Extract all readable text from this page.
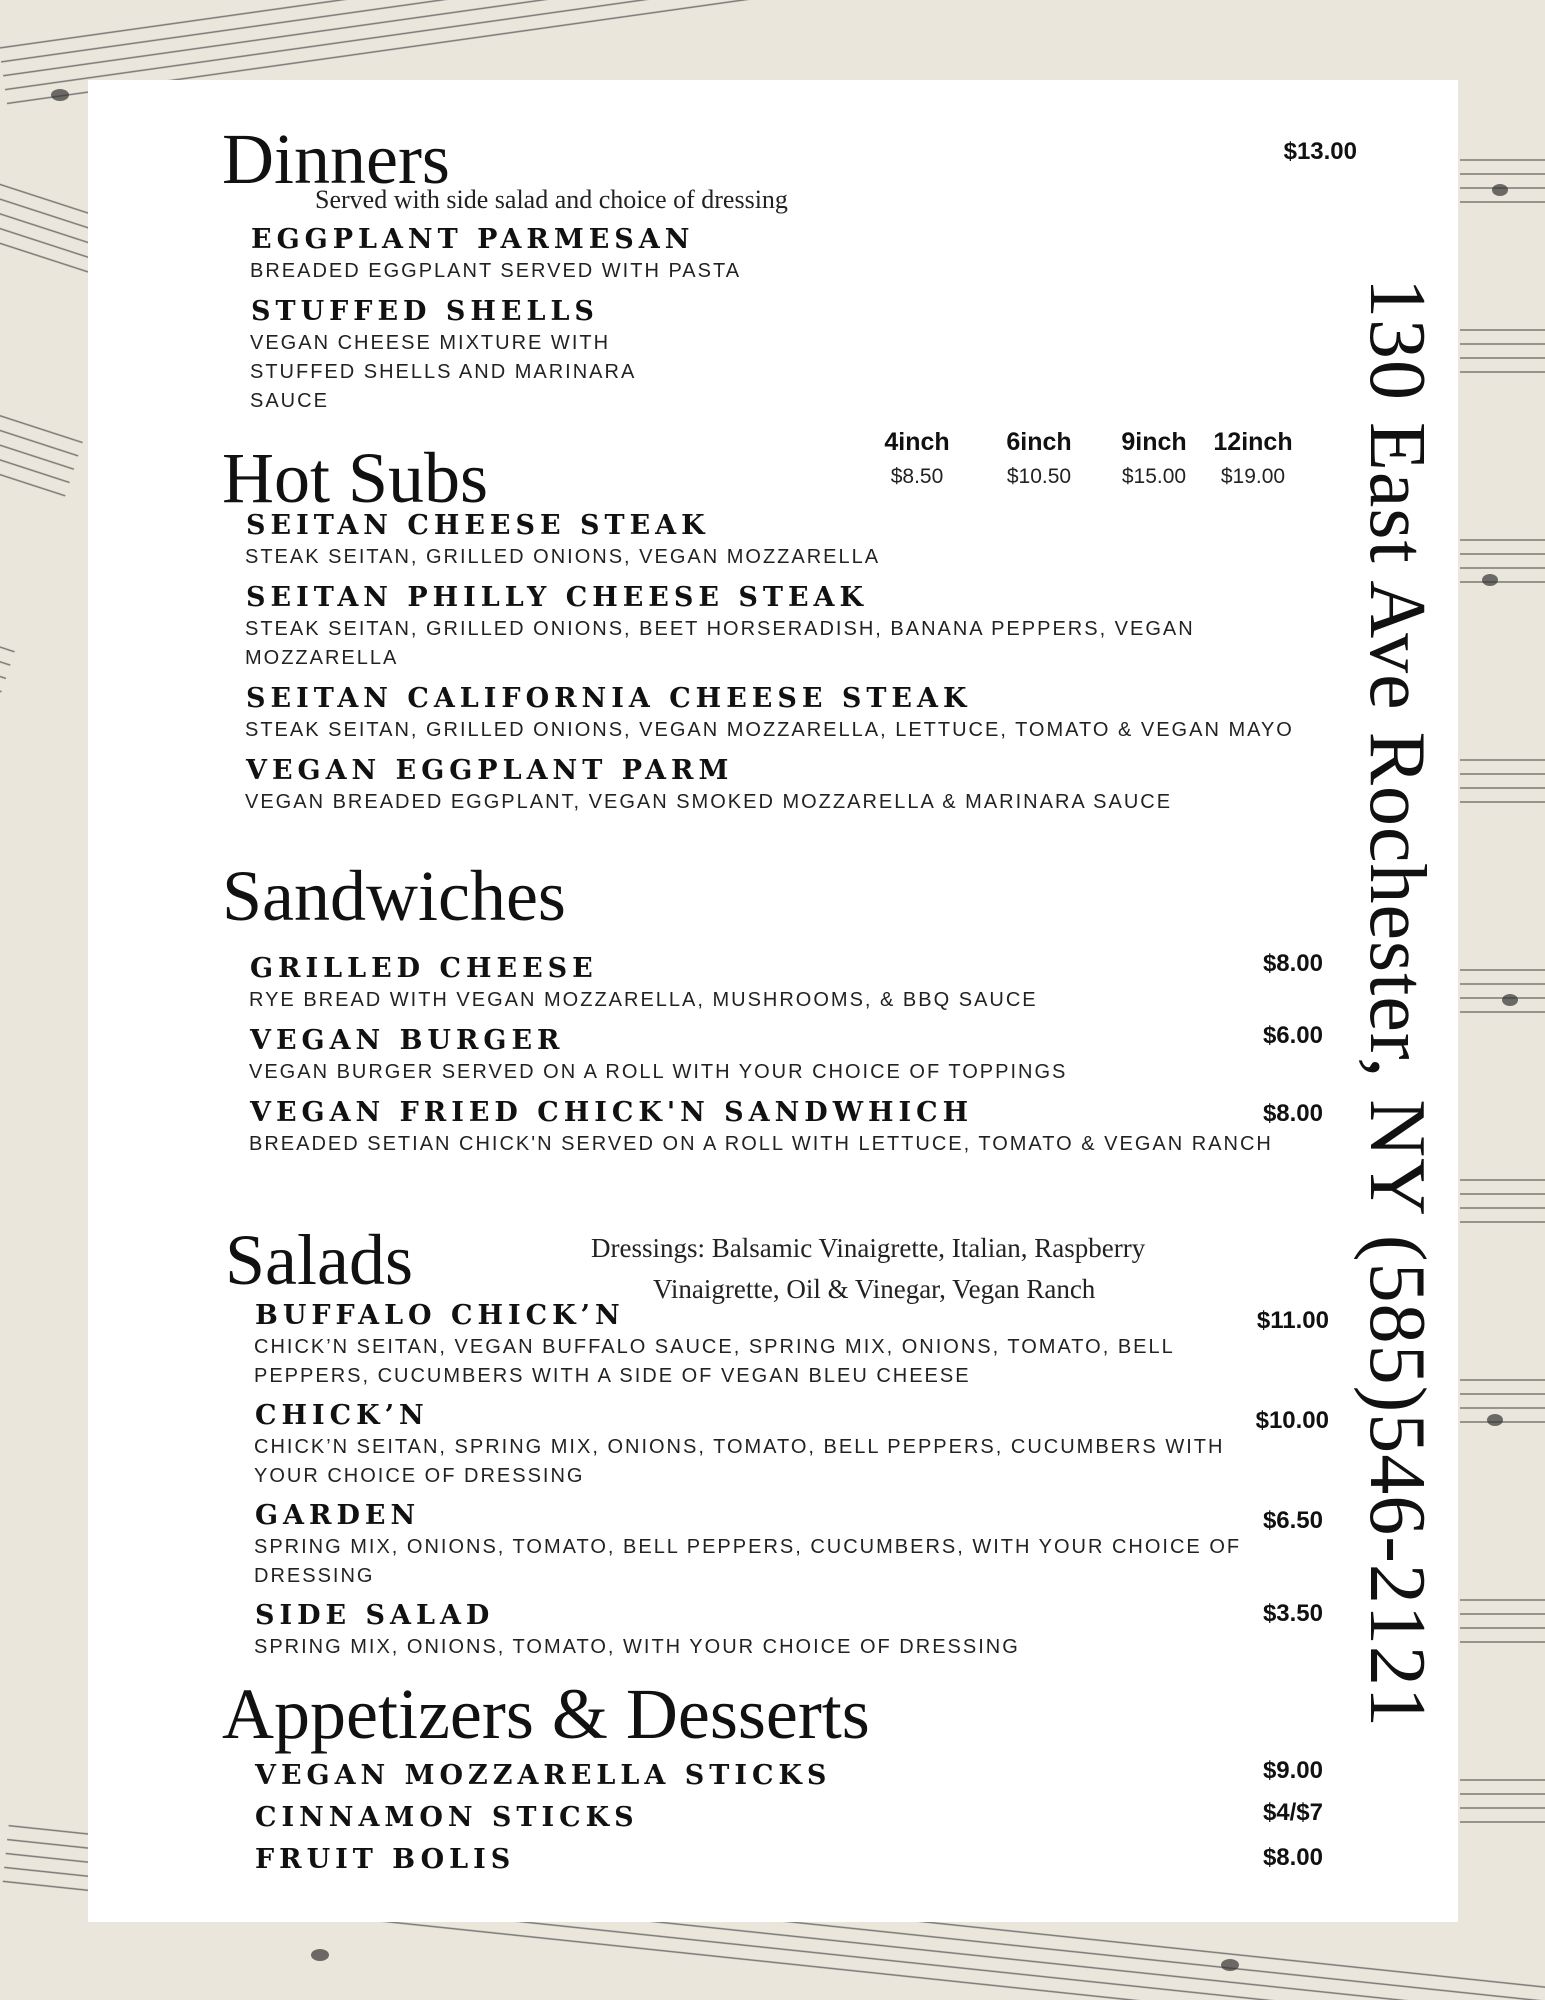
Dinners	$13.00
Served with side salad and choice of dressing
EGGPLANT PARMESAN
BREADED EGGPLANT SERVED WITH PASTA
STUFFED SHELLS
VEGAN CHEESE MIXTURE WITH STUFFED SHELLS AND MARINARA SAUCE
Hot Subs	4inch	6inch	9inch	12inch
$8.50	$10.50	$15.00	$19.00
SEITAN CHEESE STEAK
STEAK SEITAN, GRILLED ONIONS, VEGAN MOZZARELLA
SEITAN PHILLY CHEESE STEAK
STEAK SEITAN, GRILLED ONIONS, BEET HORSERADISH, BANANA PEPPERS, VEGAN MOZZARELLA
SEITAN CALIFORNIA CHEESE STEAK
STEAK SEITAN, GRILLED ONIONS, VEGAN MOZZARELLA, LETTUCE, TOMATO & VEGAN MAYO
VEGAN EGGPLANT PARM
VEGAN BREADED EGGPLANT, VEGAN SMOKED MOZZARELLA & MARINARA SAUCE
Sandwiches
GRILLED CHEESE	$8.00
RYE BREAD WITH VEGAN MOZZARELLA, MUSHROOMS, & BBQ SAUCE
VEGAN BURGER	$6.00
VEGAN BURGER SERVED ON A ROLL WITH YOUR CHOICE OF TOPPINGS
VEGAN FRIED CHICK'N SANDWHICH	$8.00
BREADED SETIAN CHICK'N SERVED ON A ROLL WITH LETTUCE, TOMATO & VEGAN RANCH
Salads	Dressings: Balsamic Vinaigrette, Italian, Raspberry
Vinaigrette, Oil & Vinegar, Vegan Ranch
BUFFALO CHICK’N	$11.00
CHICK’N SEITAN, VEGAN BUFFALO SAUCE, SPRING MIX, ONIONS, TOMATO, BELL PEPPERS, CUCUMBERS WITH A SIDE OF VEGAN BLEU CHEESE
CHICK’N	$10.00
CHICK’N SEITAN, SPRING MIX, ONIONS, TOMATO, BELL PEPPERS, CUCUMBERS WITH YOUR CHOICE OF DRESSING
GARDEN	$6.50
SPRING MIX, ONIONS, TOMATO, BELL PEPPERS, CUCUMBERS, WITH YOUR CHOICE OF DRESSING
SIDE SALAD	$3.50
SPRING MIX, ONIONS, TOMATO, WITH YOUR CHOICE OF DRESSING
Appetizers & Desserts
VEGAN MOZZARELLA STICKS	$9.00
CINNAMON STICKS	$4/$7
FRUIT BOLIS	$8.00
130 East Ave Rochester, NY (585)546-2121
